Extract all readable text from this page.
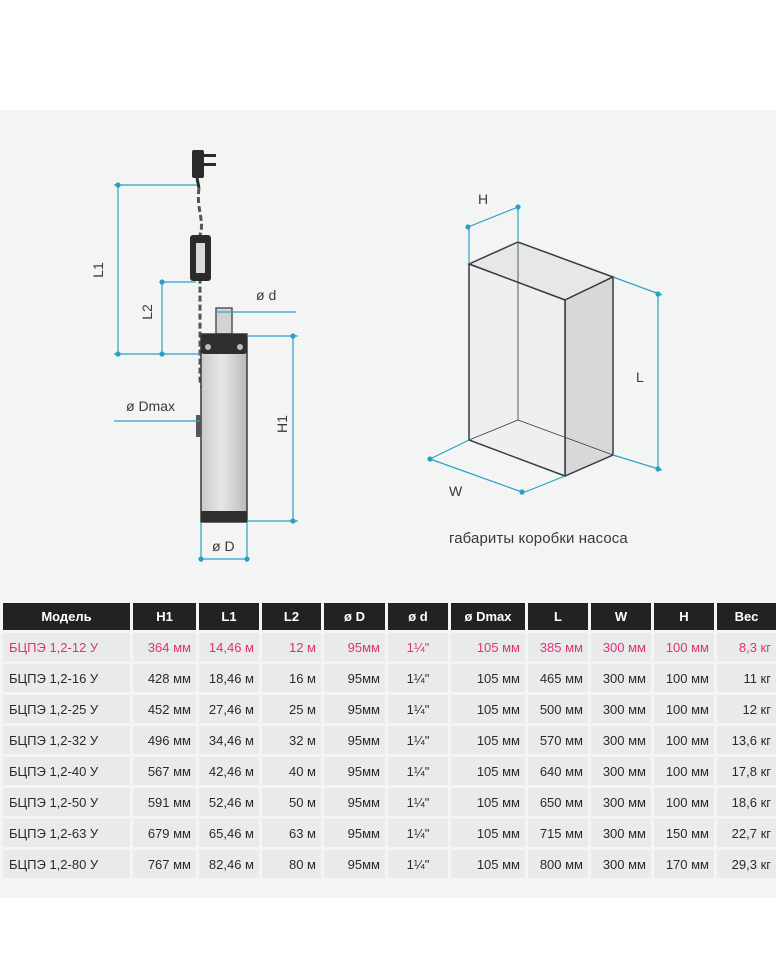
L1
L2
ø d
ø Dmax
H1
ø D
H
L
W
габариты коробки насоса
Модель	H1	L1	L2	ø D	ø d	ø Dmax	L	W	H	Вес
БЦПЭ 1,2-12 У	364 мм	14,46 м	12 м	95мм	1¼"	105 мм	385 мм	300 мм	100 мм	8,3 кг
БЦПЭ 1,2-16 У	428 мм	18,46 м	16 м	95мм	1¼"	105 мм	465 мм	300 мм	100 мм	11 кг
БЦПЭ 1,2-25 У	452 мм	27,46 м	25 м	95мм	1¼"	105 мм	500 мм	300 мм	100 мм	12 кг
БЦПЭ 1,2-32 У	496 мм	34,46 м	32 м	95мм	1¼"	105 мм	570 мм	300 мм	100 мм	13,6 кг
БЦПЭ 1,2-40 У	567 мм	42,46 м	40 м	95мм	1¼"	105 мм	640 мм	300 мм	100 мм	17,8 кг
БЦПЭ 1,2-50 У	591 мм	52,46 м	50 м	95мм	1¼"	105 мм	650 мм	300 мм	100 мм	18,6 кг
БЦПЭ 1,2-63 У	679 мм	65,46 м	63 м	95мм	1¼"	105 мм	715 мм	300 мм	150 мм	22,7 кг
БЦПЭ 1,2-80 У	767 мм	82,46 м	80 м	95мм	1¼"	105 мм	800 мм	300 мм	170 мм	29,3 кг
